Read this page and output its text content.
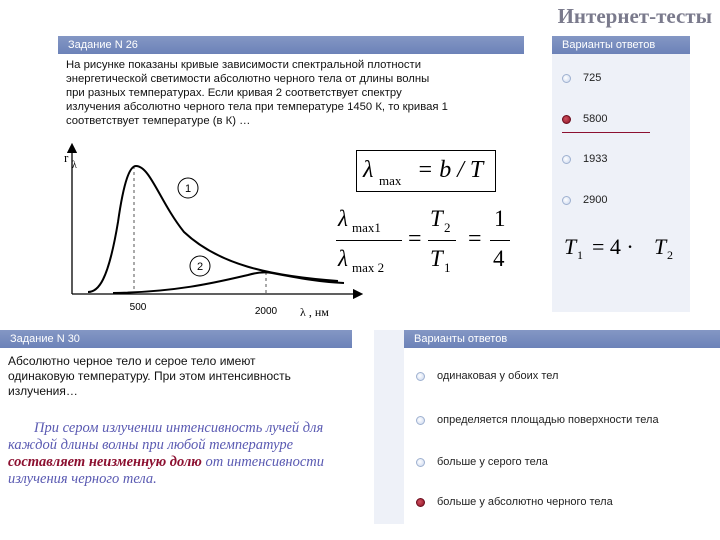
Интернет-тесты
Задание N 26	Варианты ответов
На рисунке показаны кривые зависимости спектральной плотности
энергетической светимости абсолютно черного тела от длины волны
при разных температурах. Если кривая 2 соответствует спектру
излучения абсолютно черного тела при температуре 1450 К, то кривая 1
соответствует температуре (в К) …
1
2
r
λ
500	2000 λ , нм
λ max = b / T
λ max1
λ max 2
=
T 2
T 1
=
1
4
725
5800
1933
2900
T 1 = 4 · T 2
Задание N 30	Варианты ответов
Абсолютно черное тело и серое тело имеют
одинаковую температуру. При этом интенсивность
излучения…
При сером излучении интенсивность лучей для каждой длины волны при любой температуре составляет неизменную долю от интенсивности излучения черного тела.
одинаковая у обоих тел
определяется площадью поверхности тела
больше у серого тела
больше у абсолютно черного тела
